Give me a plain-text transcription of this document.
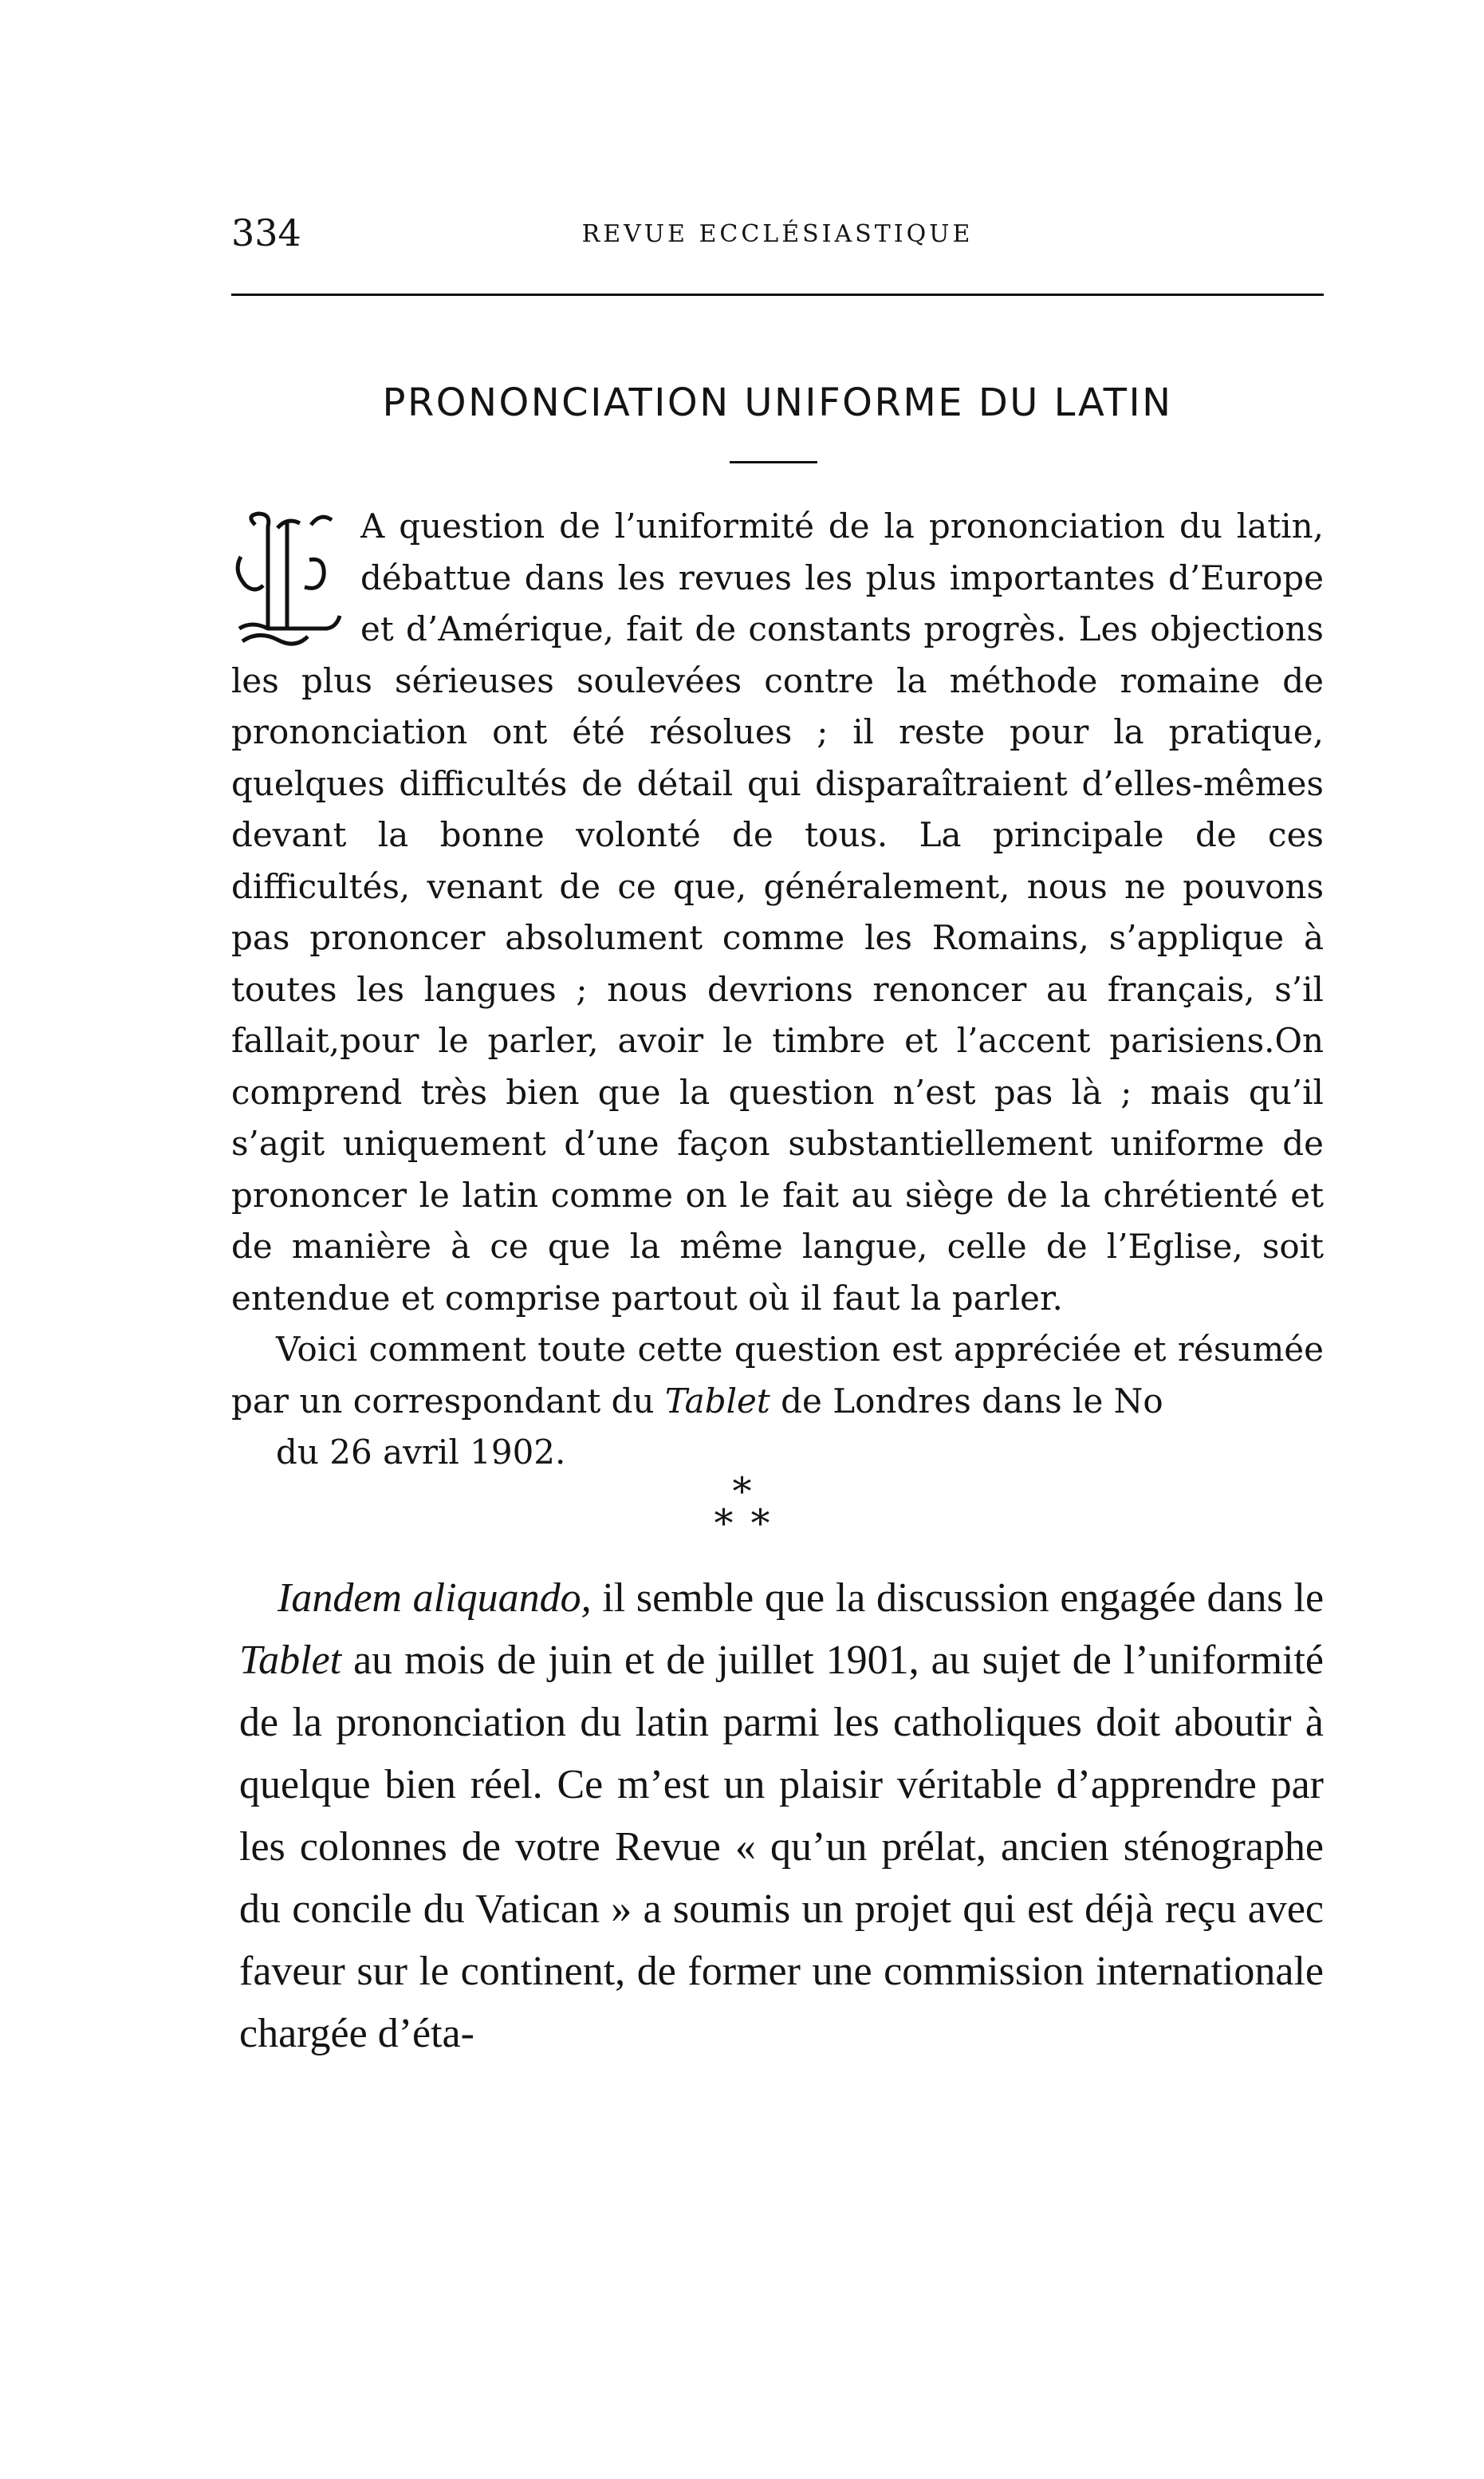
334	REVUE ECCLÉSIASTIQUE
PRONONCIATION UNIFORME DU LATIN

A question de l’uniformité de la prononciation du latin, débattue dans les revues les plus importantes d’Europe et d’Amérique, fait de constants progrès. Les objections les plus sérieuses soulevées contre la méthode romaine de prononciation ont été résolues ; il reste pour la pratique, quelques difficultés de détail qui disparaîtraient d’elles-mêmes devant la bonne volonté de tous. La principale de ces difficultés, venant de ce que, généralement, nous ne pouvons pas prononcer absolument comme les Romains, s’applique à toutes les langues ; nous devrions renoncer au français, s’il fallait,pour le parler, avoir le timbre et l’accent parisiens.On comprend très bien que la question n’est pas là ; mais qu’il s’agit uniquement d’une façon substantiellement uniforme de prononcer le latin comme on le fait au siège de la chrétienté et de manière à ce que la même langue, celle de l’Eglise, soit entendue et comprise partout où il faut la parler.

Voici comment toute cette question est appréciée et résumée par un correspondant du Tablet de Londres dans le No
du 26 avril 1902.

*
**

Iandem aliquando, il semble que la discussion engagée dans le Tablet au mois de juin et de juillet 1901, au sujet de l’uniformité de la prononciation du latin parmi les catholiques doit aboutir à quelque bien réel. Ce m’est un plaisir véritable d’apprendre par les colonnes de votre Revue « qu’un prélat, ancien sténographe du concile du Vatican » a soumis un projet qui est déjà reçu avec faveur sur le continent, de former une commission internationale chargée d’éta-
